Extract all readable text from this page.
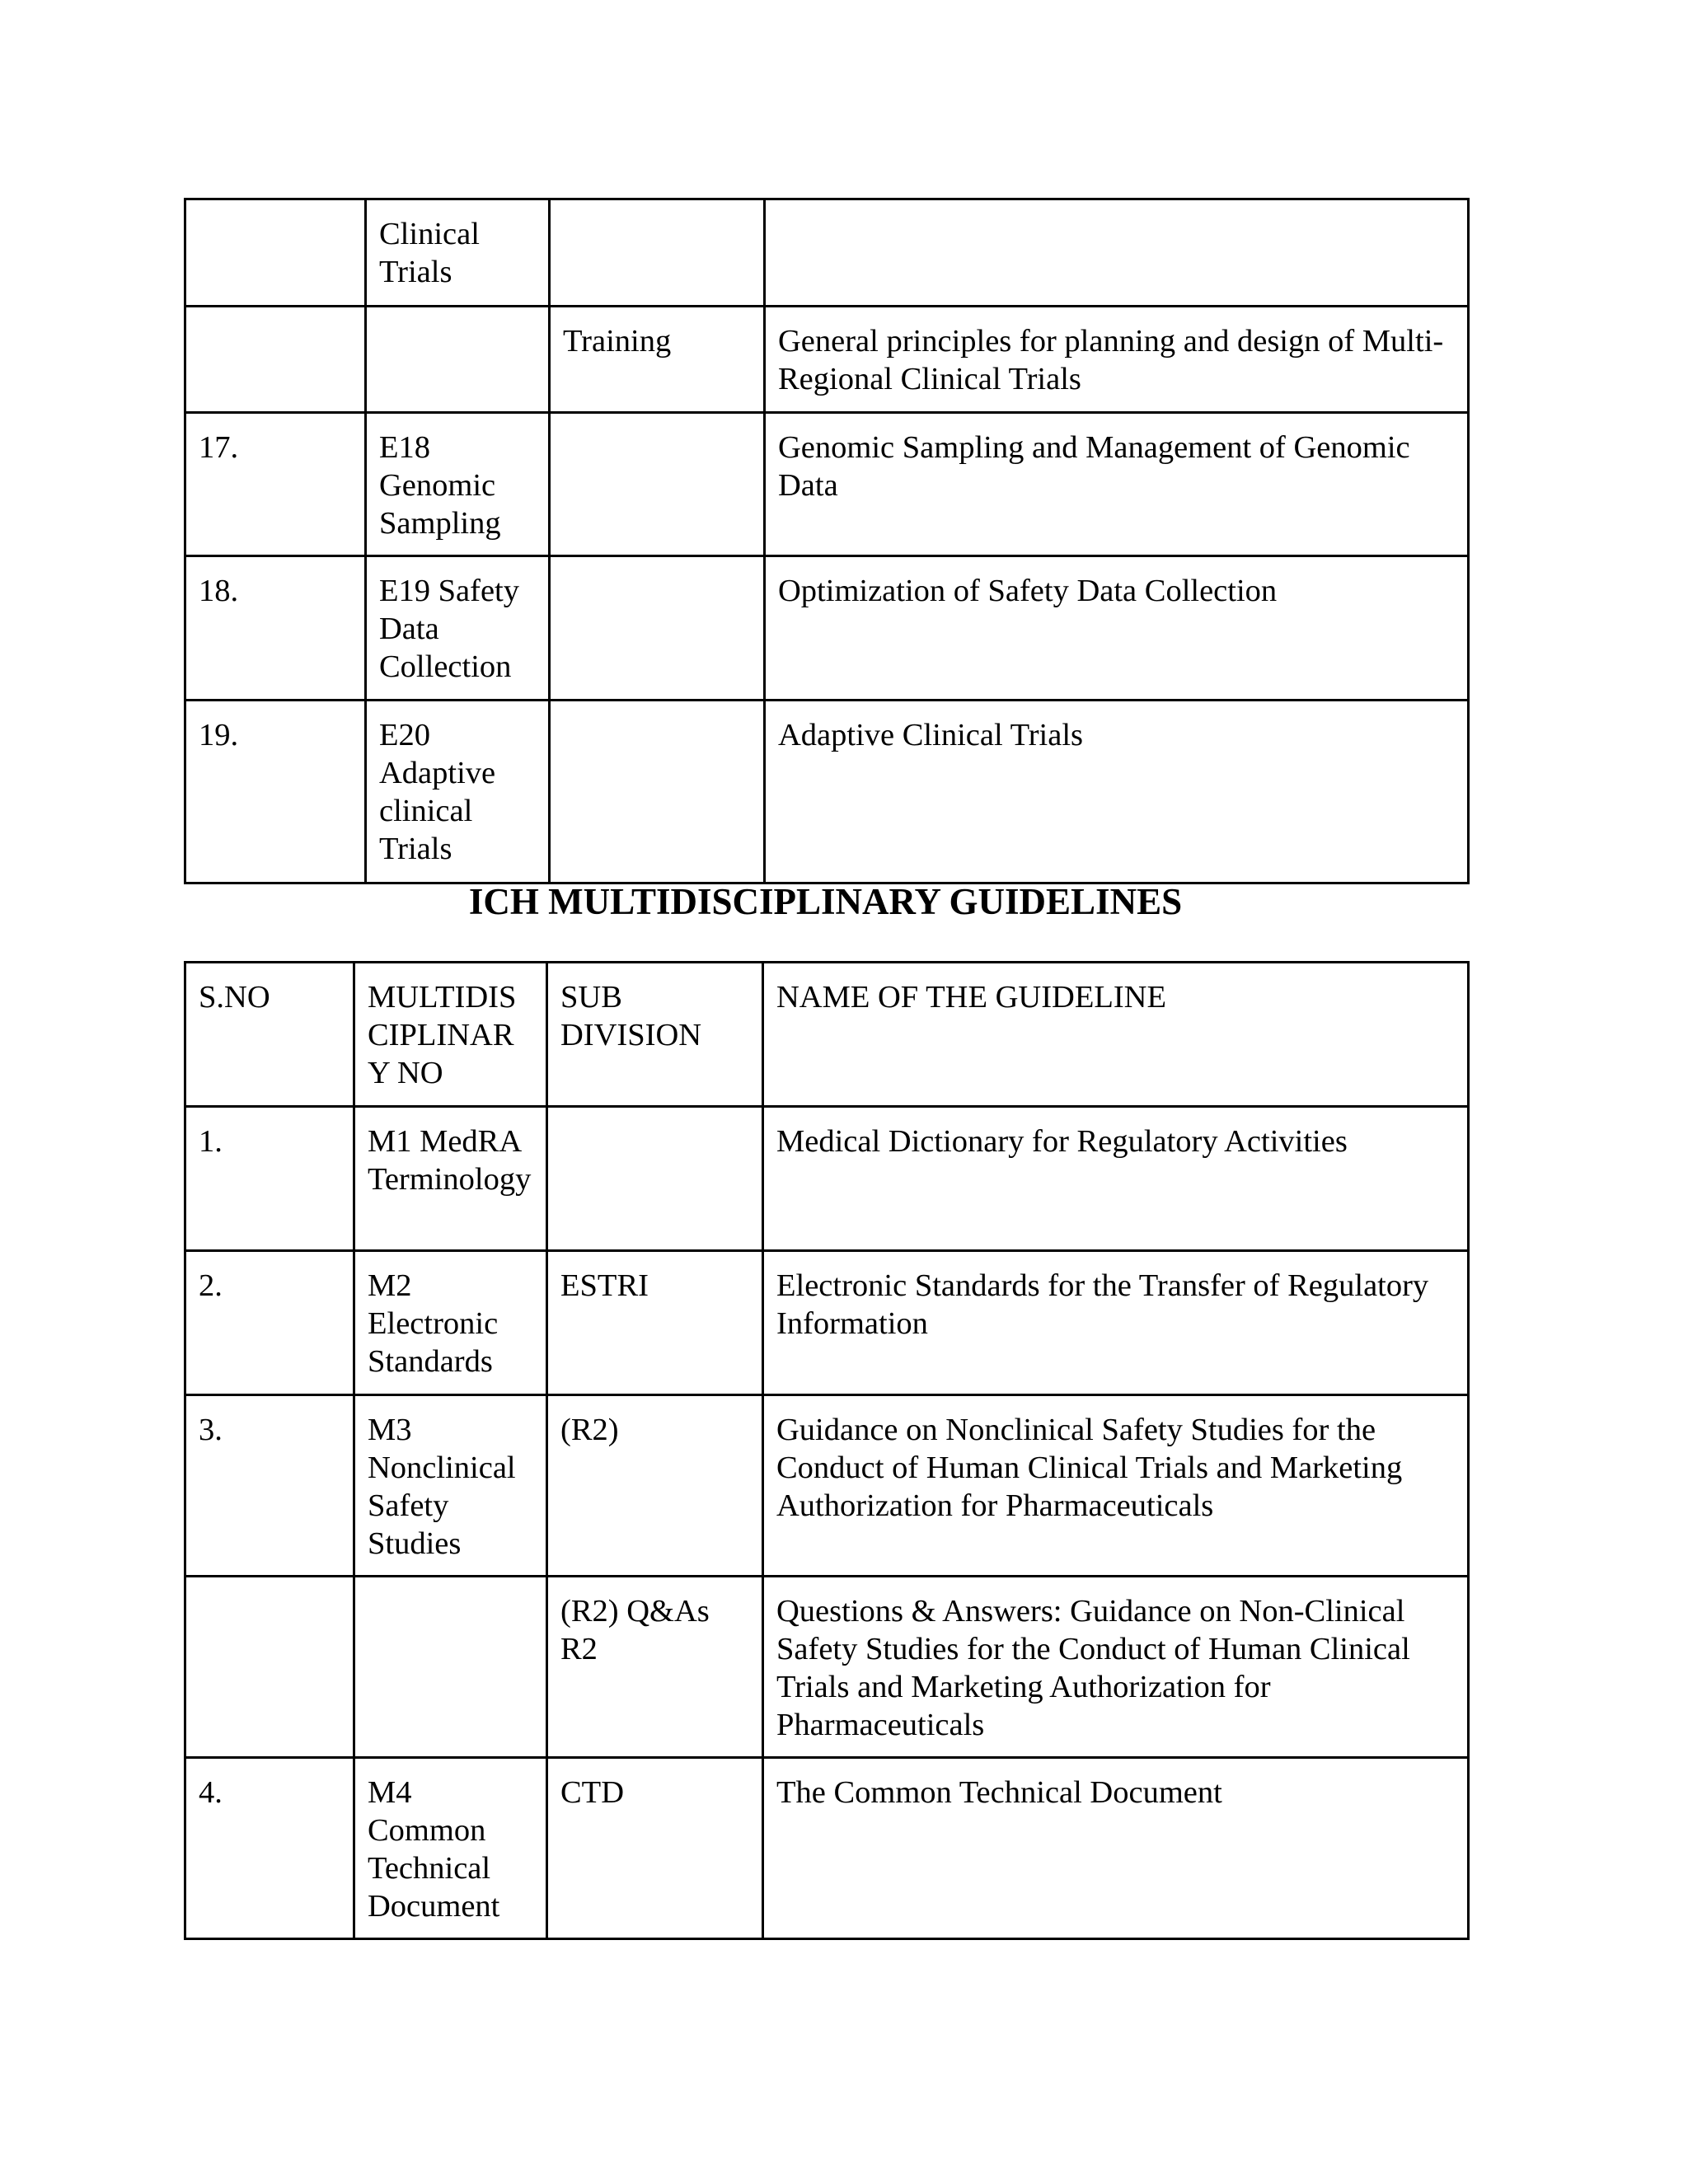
	Clinical Trials		
		Training	General principles for planning and design of Multi-Regional Clinical Trials
17.	E18 Genomic Sampling		Genomic Sampling and Management of Genomic Data
18.	E19 Safety Data Collection		Optimization of Safety Data Collection
19.	E20 Adaptive clinical Trials		Adaptive Clinical Trials
ICH MULTIDISCIPLINARY GUIDELINES
S.NO	MULTIDISCIPLINARY NO	SUB DIVISION	NAME OF THE GUIDELINE
1.	M1 MedRA Terminology		Medical Dictionary for Regulatory Activities
2.	M2 Electronic Standards	ESTRI	Electronic Standards for the Transfer of Regulatory Information
3.	M3 Nonclinical Safety Studies	(R2)	Guidance on Nonclinical Safety Studies for the Conduct of Human Clinical Trials and Marketing Authorization for Pharmaceuticals
		(R2) Q&As R2	Questions & Answers: Guidance on Non-Clinical Safety Studies for the Conduct of Human Clinical Trials and Marketing Authorization for Pharmaceuticals
4.	M4 Common Technical Document	CTD	The Common Technical Document
